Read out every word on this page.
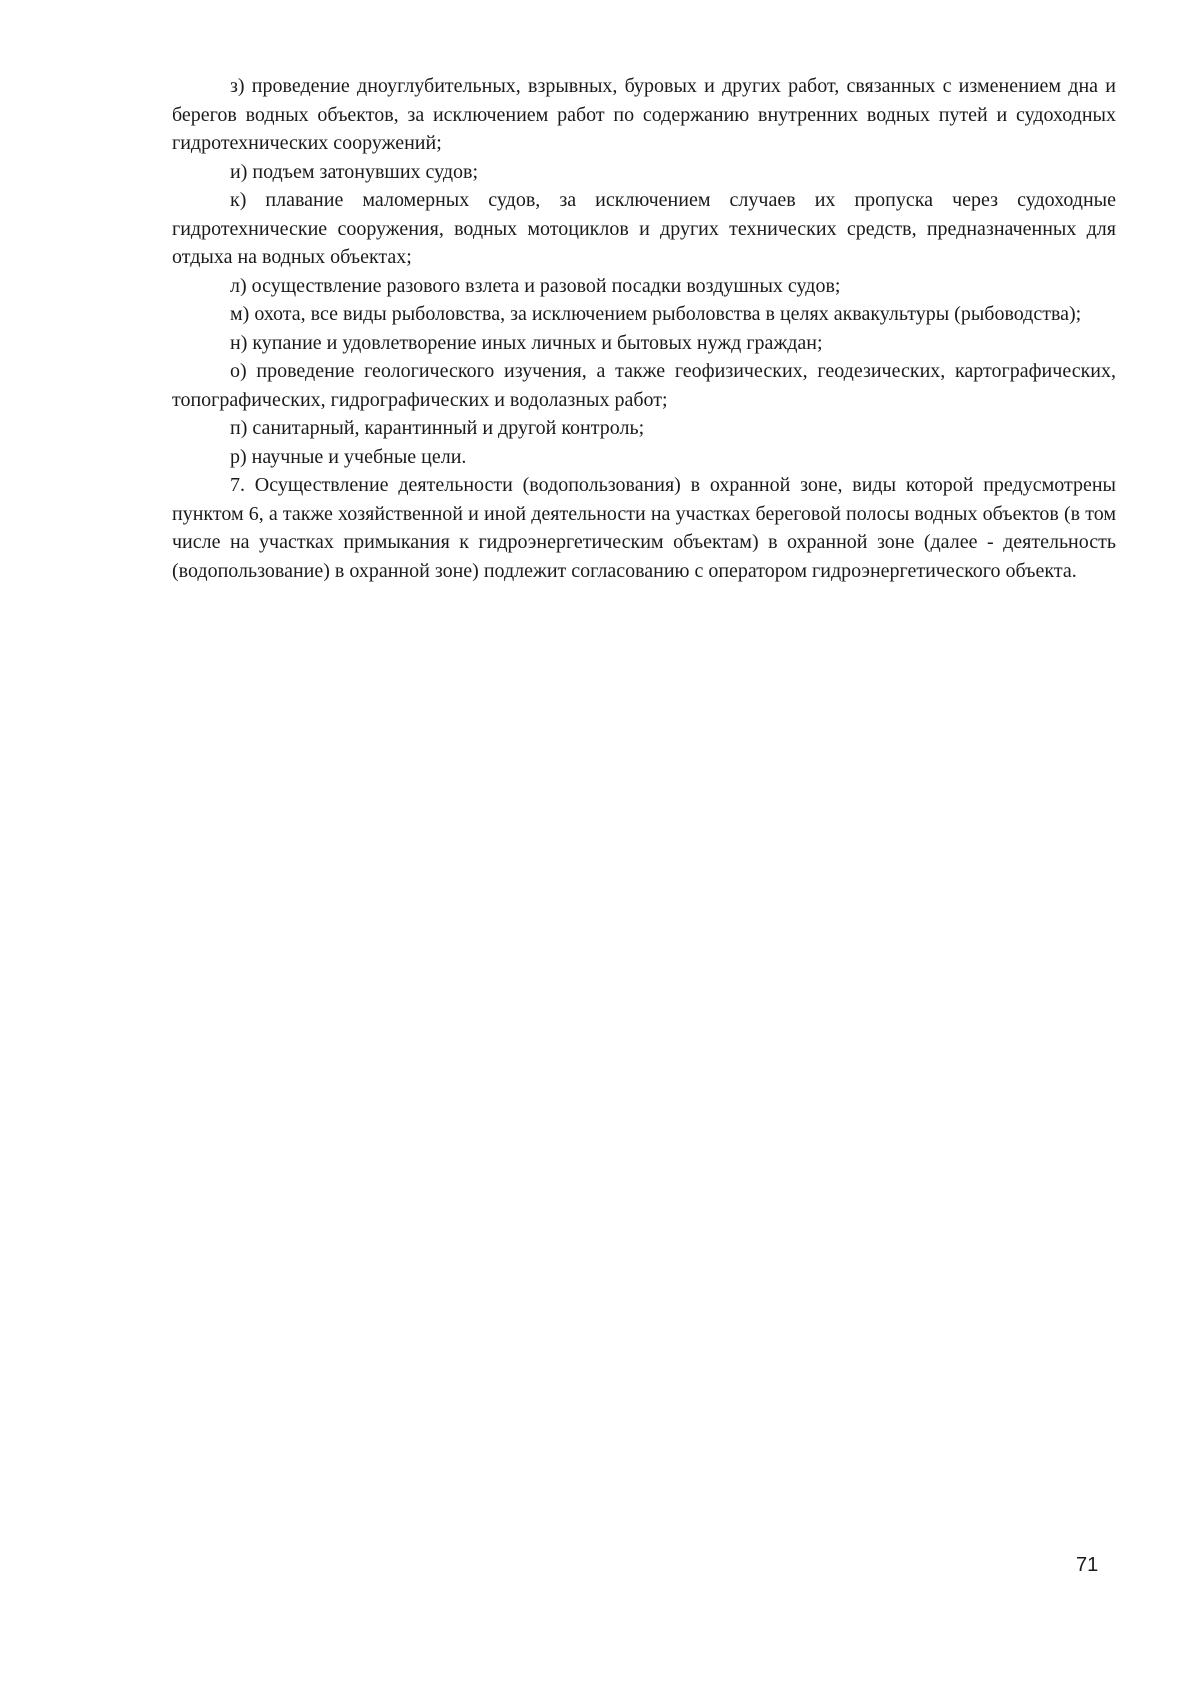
з) проведение дноуглубительных, взрывных, буровых и других работ, связанных с изменением дна и берегов водных объектов, за исключением работ по содержанию внутренних водных путей и судоходных гидротехнических сооружений;

и) подъем затонувших судов;

к) плавание маломерных судов, за исключением случаев их пропуска через судоходные гидротехнические сооружения, водных мотоциклов и других технических средств, предназначенных для отдыха на водных объектах;

л) осуществление разового взлета и разовой посадки воздушных судов;

м) охота, все виды рыболовства, за исключением рыболовства в целях аквакультуры (рыбоводства);

н) купание и удовлетворение иных личных и бытовых нужд граждан;

о) проведение геологического изучения, а также геофизических, геодезических, картографических, топографических, гидрографических и водолазных работ;

п) санитарный, карантинный и другой контроль;

р) научные и учебные цели.

7. Осуществление деятельности (водопользования) в охранной зоне, виды которой предусмотрены пунктом 6, а также хозяйственной и иной деятельности на участках береговой полосы водных объектов (в том числе на участках примыкания к гидроэнергетическим объектам) в охранной зоне (далее - деятельность (водопользование) в охранной зоне) подлежит согласованию с оператором гидроэнергетического объекта.

71
